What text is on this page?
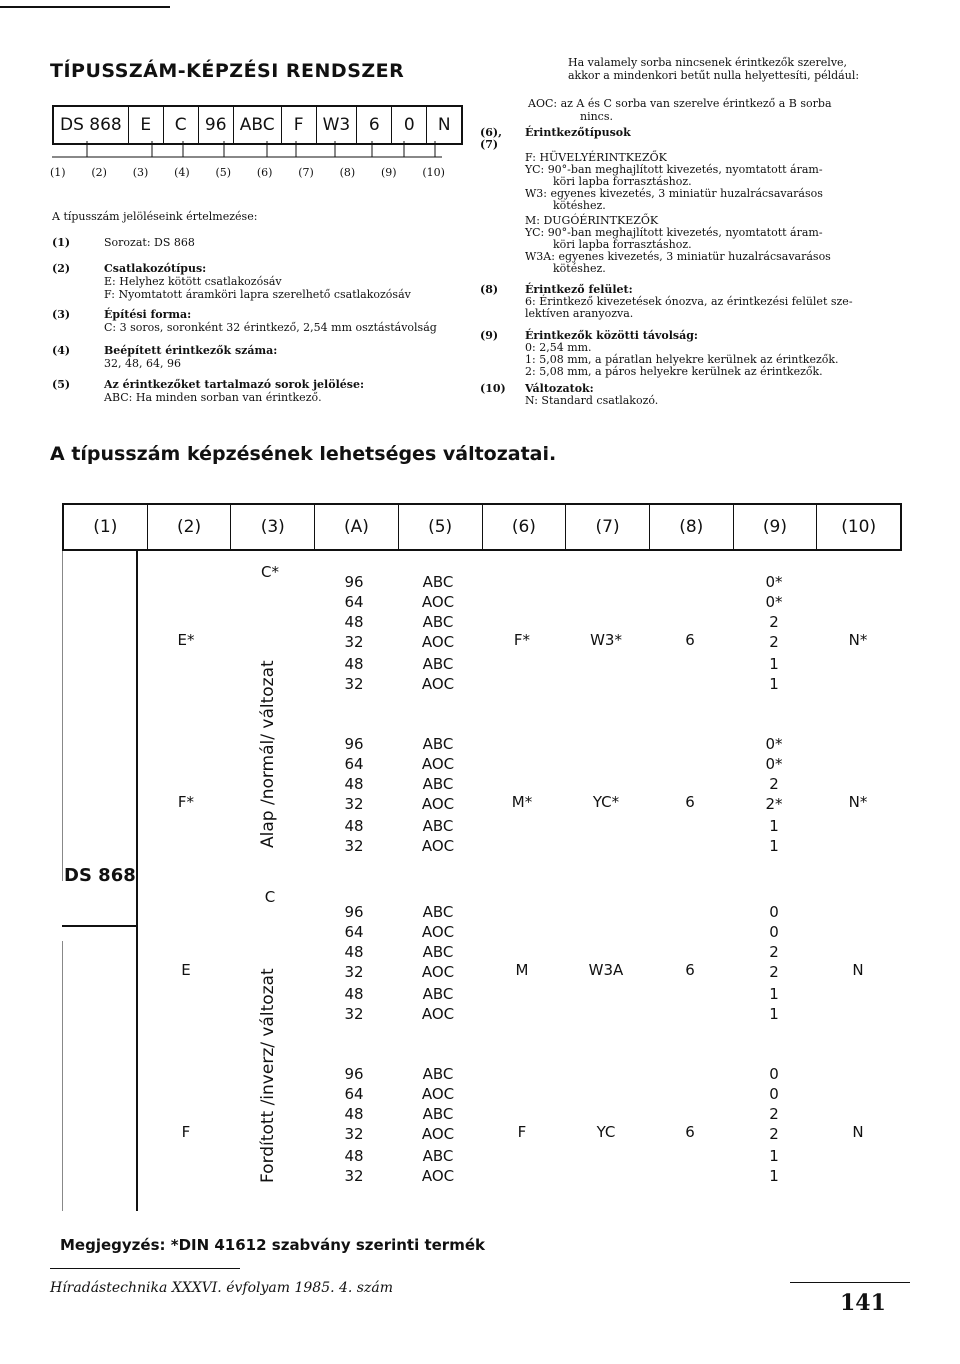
TÍPUSSZÁM-KÉPZÉSI RENDSZER
DS 868	E	C	96 ABC	F	W3	6	0	N
(1) (2) (3) (4) (5) (6) (7) (8) (9) (10)
A típusszám jelöléseink értelmezése:
(1)	Sorozat: DS 868
(2)	Csatlakozótípus:
E: Helyhez kötött csatlakozósáv
F: Nyomtatott áramköri lapra szerelhető csatlakozósáv
(3)	Építési forma:
C: 3 soros, soronként 32 érintkező, 2,54 mm osztástávolság
(4)	Beépített érintkezők száma:
32, 48, 64, 96
(5)	Az érintkezőket tartalmazó sorok jelölése:
ABC: Ha minden sorban van érintkező.
Ha valamely sorba nincsenek érintkezők szerelve,
akkor a mindenkori betűt nulla helyettesíti, például:
AOC: az A és C sorba van szerelve érintkező a B sorba
nincs.
(6), (7)
Érintkezőtípusok
F: HÜVELYÉRINTKEZŐK
YC: 90°-ban meghajlított kivezetés, nyomtatott áram-
köri lapba forrasztáshoz.
W3: egyenes kivezetés, 3 miniatür huzalrácsavarásos
kötéshez.
M: DUGÓÉRINTKEZŐK
YC: 90°-ban meghajlított kivezetés, nyomtatott áram-
köri lapba forrasztáshoz.
W3A: egyenes kivezetés, 3 miniatür huzalrácsavarásos
kötéshez.
(8) Érintkező felület:
6: Érintkező kivezetések ónozva, az érintkezési felület sze-
lektíven aranyozva.
(9) Érintkezők közötti távolság:
0: 2,54 mm.
1: 5,08 mm, a páratlan helyekre kerülnek az érintkezők.
2: 5,08 mm, a páros helyekre kerülnek az érintkezők.
(10) Változatok:
N: Standard csatlakozó.
A típusszám képzésének lehetséges változatai.
(1)	(2)	(3)	(A)	(5)	(6)	(7)	(8)	(9)	(10)
DS 868
C*
Alap /normál/ változat
E*	F*	W3*	6	N*
96	ABC	0*
64	AOC	0*
48	ABC	2
32	AOC	2
48	ABC	1
32	AOC	1
F*	M*	YC*	6	N*
96	ABC	0*
64	AOC	0*
48	ABC	2
32	AOC	2*
48	ABC	1
32	AOC	1
C
Fordított /inverz/ változat
E	M	W3A	6	N
96	ABC	0
64	AOC	0
48	ABC	2
32	AOC	2
48	ABC	1
32	AOC	1
F	F	YC	6	N
96	ABC	0
64	AOC	0
48	ABC	2
32	AOC	2
48	ABC	1
32	AOC	1
Megjegyzés: *DIN 41612 szabvány szerinti termék
Híradástechnika XXXVI. évfolyam 1985. 4. szám
141
